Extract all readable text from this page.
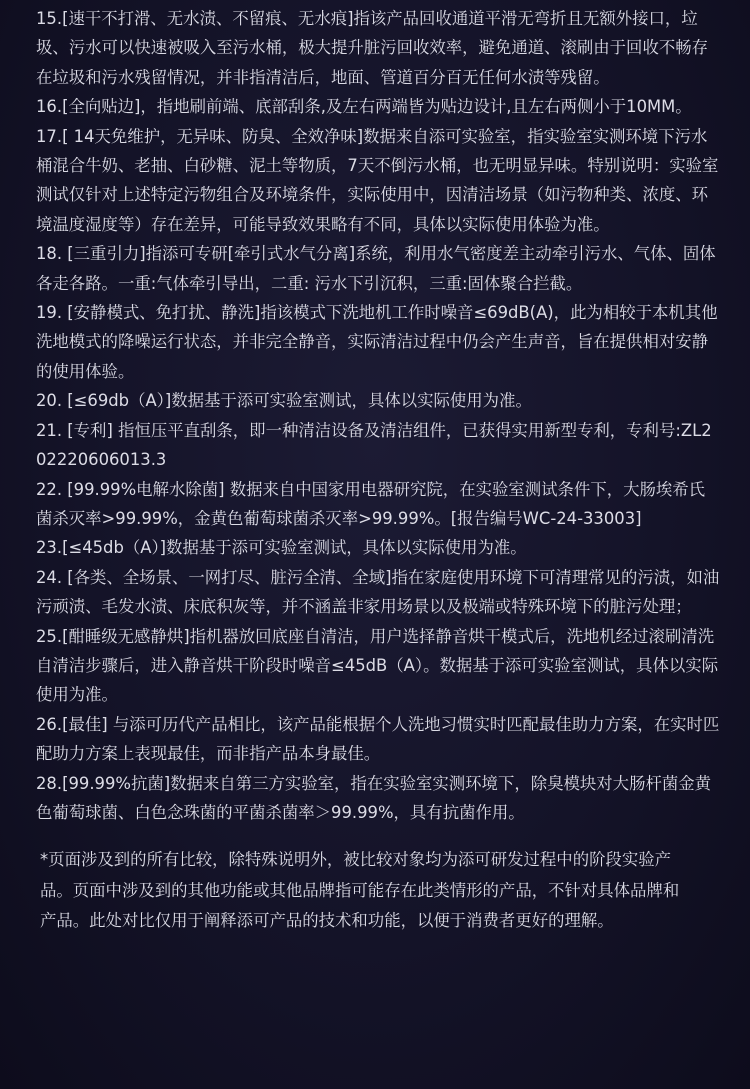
15.[速干不打滑、无水渍、不留痕、无水痕]指该产品回收通道平滑无弯折且无额外接口，垃圾、污水可以快速被吸入至污水桶，极大提升脏污回收效率，避免通道、滚刷由于回收不畅存在垃圾和污水残留情况，并非指清洁后，地面、管道百分百无任何水渍等残留。

16.[全向贴边]，指地刷前端、底部刮条,及左右两端皆为贴边设计,且左右两侧小于10MM。

17.[ 14天免维护，无异味、防臭、全效净味]数据来自添可实验室，指实验室实测环境下污水桶混合牛奶、老抽、白砂糖、泥土等物质，7天不倒污水桶，也无明显异味。特别说明：实验室测试仅针对上述特定污物组合及环境条件，实际使用中，因清洁场景（如污物种类、浓度、环境温度湿度等）存在差异，可能导致效果略有不同，具体以实际使用体验为准。

18. [三重引力]指添可专研[牵引式水气分离]系统，利用水气密度差主动牵引污水、气体、固体各走各路。一重:气体牵引导出，二重: 污水下引沉积，三重:固体聚合拦截。

19. [安静模式、免打扰、静洗]指该模式下洗地机工作时噪音≤69dB(A)，此为相较于本机其他洗地模式的降噪运行状态，并非完全静音，实际清洁过程中仍会产生声音，旨在提供相对安静的使用体验。

20. [≤69db（A）]数据基于添可实验室测试，具体以实际使用为准。

21. [专利] 指恒压平直刮条，即一种清洁设备及清洁组件，已获得实用新型专利，专利号:ZL202220606013.3

22. [99.99%电解水除菌] 数据来自中国家用电器研究院，在实验室测试条件下，大肠埃希氏菌杀灭率>99.99%，金黄色葡萄球菌杀灭率>99.99%。[报告编号WC-24-33003]

23.[≤45db（A）]数据基于添可实验室测试，具体以实际使用为准。

24. [各类、全场景、一网打尽、脏污全清、全域]指在家庭使用环境下可清理常见的污渍，如油污顽渍、毛发水渍、床底积灰等，并不涵盖非家用场景以及极端或特殊环境下的脏污处理；

25.[酣睡级无感静烘]指机器放回底座自清洁，用户选择静音烘干模式后，洗地机经过滚刷清洗自清洁步骤后，进入静音烘干阶段时噪音≤45dB（A）。数据基于添可实验室测试，具体以实际使用为准。

26.[最佳] 与添可历代产品相比，该产品能根据个人洗地习惯实时匹配最佳助力方案，在实时匹配助力方案上表现最佳，而非指产品本身最佳。

28.[99.99%抗菌]数据来自第三方实验室，指在实验室实测环境下，除臭模块对大肠杆菌金黄色葡萄球菌、白色念珠菌的平菌杀菌率＞99.99%，具有抗菌作用。

*页面涉及到的所有比较，除特殊说明外，被比较对象均为添可研发过程中的阶段实验产

品。页面中涉及到的其他功能或其他品牌指可能存在此类情形的产品，不针对具体品牌和

产品。此处对比仅用于阐释添可产品的技术和功能，以便于消费者更好的理解。
